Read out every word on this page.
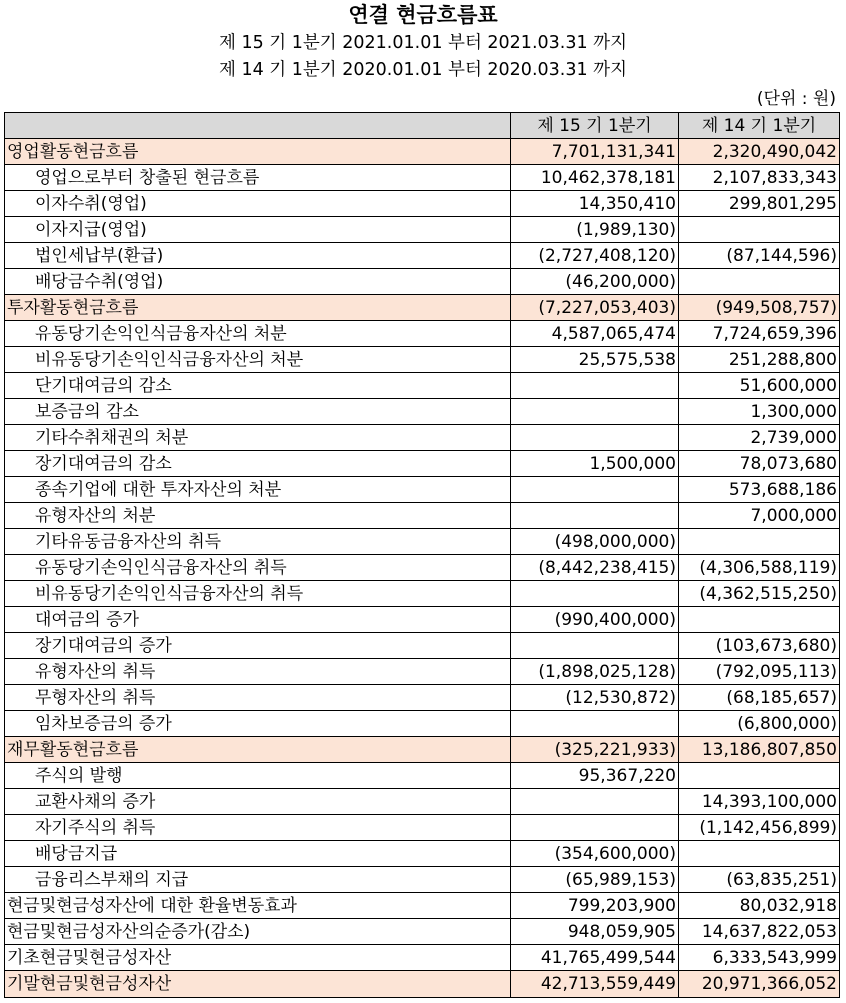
연결 현금흐름표
제 15 기 1분기 2021.01.01 부터 2021.03.31 까지
제 14 기 1분기 2020.01.01 부터 2020.03.31 까지
(단위 : 원)
	제 15 기 1분기	제 14 기 1분기
영업활동현금흐름	7,701,131,341	2,320,490,042
영업으로부터 창출된 현금흐름	10,462,378,181	2,107,833,343
이자수취(영업)	14,350,410	299,801,295
이자지급(영업)	(1,989,130)	
법인세납부(환급)	(2,727,408,120)	(87,144,596)
배당금수취(영업)	(46,200,000)	
투자활동현금흐름	(7,227,053,403)	(949,508,757)
유동당기손익인식금융자산의 처분	4,587,065,474	7,724,659,396
비유동당기손익인식금융자산의 처분	25,575,538	251,288,800
단기대여금의 감소		51,600,000
보증금의 감소		1,300,000
기타수취채권의 처분		2,739,000
장기대여금의 감소	1,500,000	78,073,680
종속기업에 대한 투자자산의 처분		573,688,186
유형자산의 처분		7,000,000
기타유동금융자산의 취득	(498,000,000)	
유동당기손익인식금융자산의 취득	(8,442,238,415)	(4,306,588,119)
비유동당기손익인식금융자산의 취득		(4,362,515,250)
대여금의 증가	(990,400,000)	
장기대여금의 증가		(103,673,680)
유형자산의 취득	(1,898,025,128)	(792,095,113)
무형자산의 취득	(12,530,872)	(68,185,657)
임차보증금의 증가		(6,800,000)
재무활동현금흐름	(325,221,933)	13,186,807,850
주식의 발행	95,367,220	
교환사채의 증가		14,393,100,000
자기주식의 취득		(1,142,456,899)
배당금지급	(354,600,000)	
금융리스부채의 지급	(65,989,153)	(63,835,251)
현금및현금성자산에 대한 환율변동효과	799,203,900	80,032,918
현금및현금성자산의순증가(감소)	948,059,905	14,637,822,053
기초현금및현금성자산	41,765,499,544	6,333,543,999
기말현금및현금성자산	42,713,559,449	20,971,366,052
